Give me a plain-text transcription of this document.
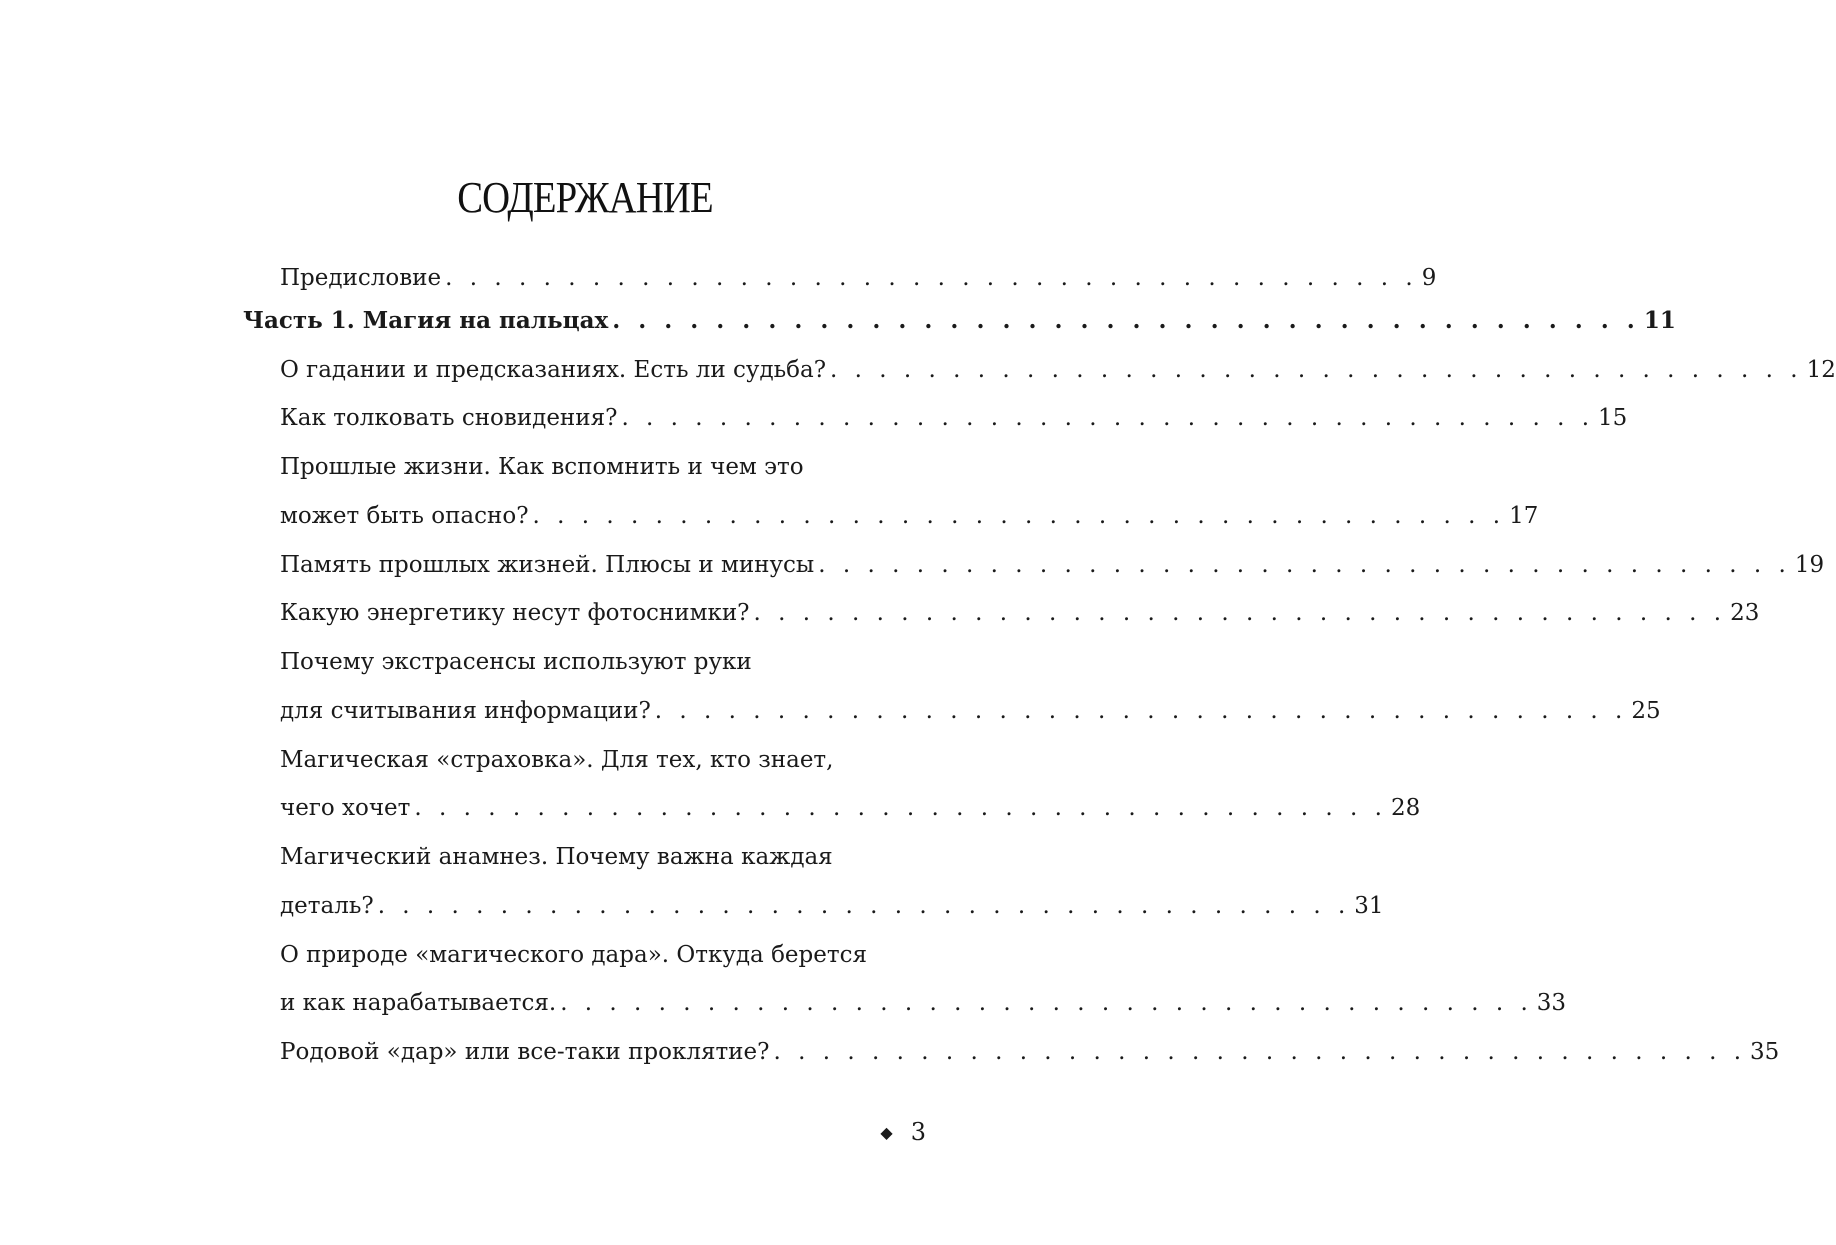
СОДЕРЖАНИЕ
Предисловие . . . . . . . . . . . . . . . . . . . . . . . . . . . . . . . . . . . . . . . . 9
Часть 1. Магия на пальцах . . . . . . . . . . . . . . . . . . . . . . . . . . . . . . . . . . . . . . . . 11
О гадании и предсказаниях. Есть ли судьба? . . . . . . . . . . . . . . . . . . . . . . . . . . . . . . . . . . . . . . . . 12
Как толковать сновидения? . . . . . . . . . . . . . . . . . . . . . . . . . . . . . . . . . . . . . . . . 15
Прошлые жизни. Как вспомнить и чем это
может быть опасно? . . . . . . . . . . . . . . . . . . . . . . . . . . . . . . . . . . . . . . . . 17
Память прошлых жизней. Плюсы и минусы . . . . . . . . . . . . . . . . . . . . . . . . . . . . . . . . . . . . . . . . 19
Какую энергетику несут фотоснимки? . . . . . . . . . . . . . . . . . . . . . . . . . . . . . . . . . . . . . . . . 23
Почему экстрасенсы используют руки
для считывания информации? . . . . . . . . . . . . . . . . . . . . . . . . . . . . . . . . . . . . . . . . 25
Магическая «страховка». Для тех, кто знает,
чего хочет . . . . . . . . . . . . . . . . . . . . . . . . . . . . . . . . . . . . . . . . 28
Магический анамнез. Почему важна каждая
деталь? . . . . . . . . . . . . . . . . . . . . . . . . . . . . . . . . . . . . . . . . 31
О природе «магического дара». Откуда берется
и как нарабатывается. . . . . . . . . . . . . . . . . . . . . . . . . . . . . . . . . . . . . . . . . 33
Родовой «дар» или все-таки проклятие? . . . . . . . . . . . . . . . . . . . . . . . . . . . . . . . . . . . . . . . . 35
◆ 3
